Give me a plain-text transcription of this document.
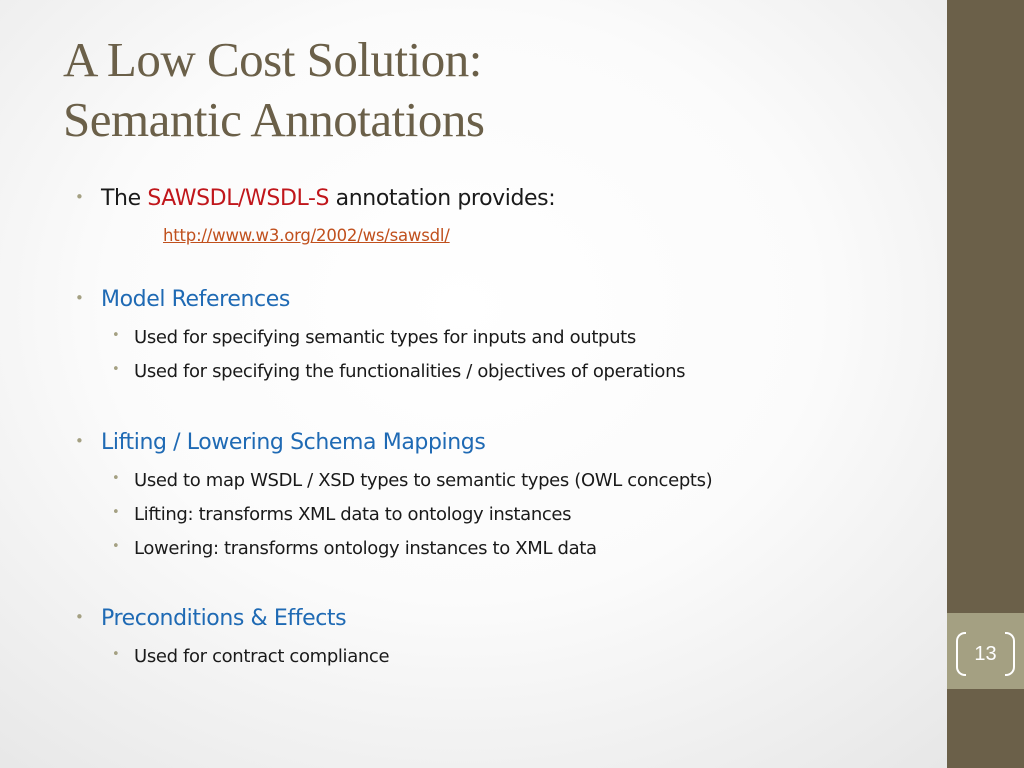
A Low Cost Solution:
Semantic Annotations
• The SAWSDL/WSDL-S annotation provides:
http://www.w3.org/2002/ws/sawsdl/
• Model References
• Used for specifying semantic types for inputs and outputs
• Used for specifying the functionalities / objectives of operations
• Lifting / Lowering Schema Mappings
• Used to map WSDL / XSD types to semantic types (OWL concepts)
• Lifting: transforms XML data to ontology instances
• Lowering: transforms ontology instances to XML data
• Preconditions & Effects
• Used for contract compliance	13
